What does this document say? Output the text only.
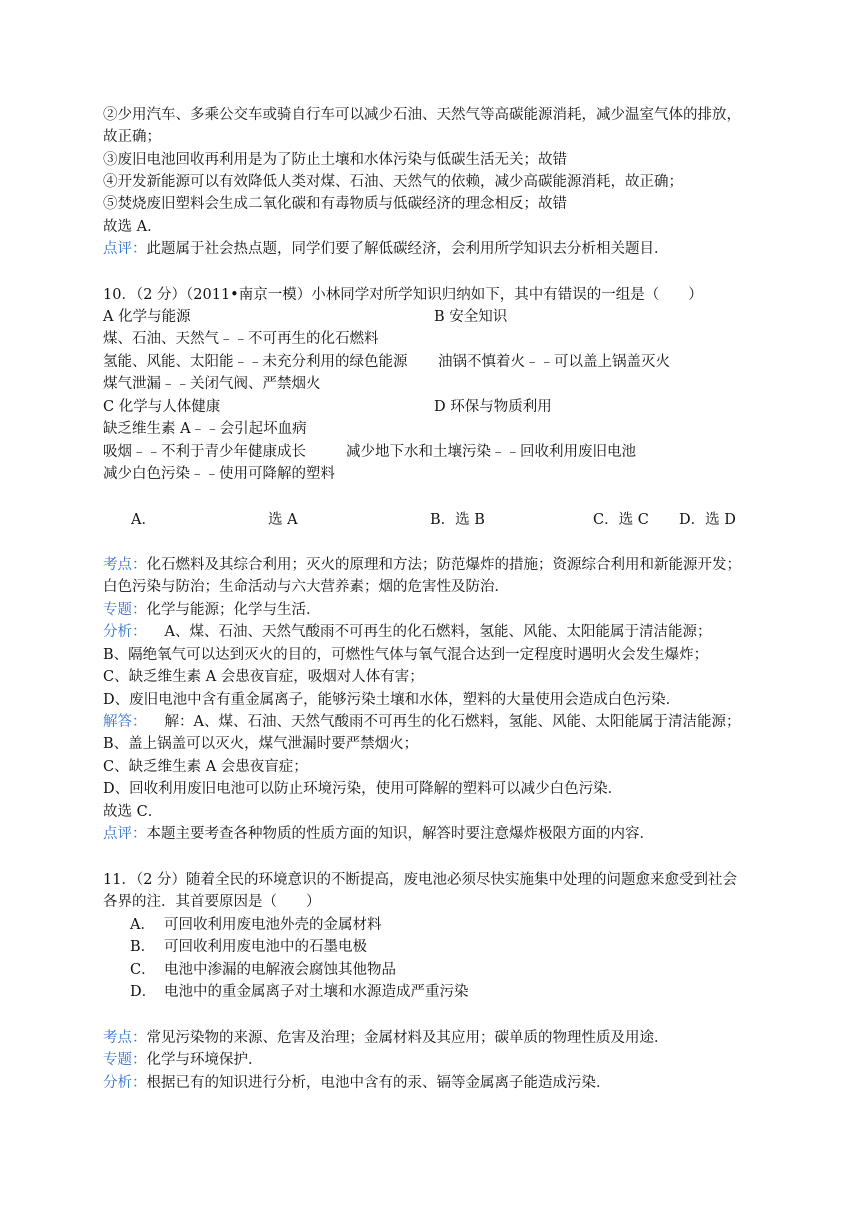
②少用汽车、多乘公交车或骑自行车可以减少石油、天然气等高碳能源消耗，减少温室气体的排放，
故正确；
③废旧电池回收再利用是为了防止土壤和水体污染与低碳生活无关；故错
④开发新能源可以有效降低人类对煤、石油、天然气的依赖，减少高碳能源消耗，故正确；
⑤焚烧废旧塑料会生成二氧化碳和有毒物质与低碳经济的理念相反；故错
故选 A．
点评：此题属于社会热点题，同学们要了解低碳经济，会利用所学知识去分析相关题目．
10．（2 分）（2011•南京一模）小林同学对所学知识归纳如下，其中有错误的一组是（　　）
A 化学与能源	B 安全知识
煤、石油、天然气﹣﹣不可再生的化石燃料
氢能、风能、太阳能﹣﹣未充分利用的绿色能源 油锅不慎着火﹣﹣可以盖上锅盖灭火
煤气泄漏﹣﹣关闭气阀、严禁烟火
C 化学与人体健康	D 环保与物质利用
缺乏维生素 A﹣﹣会引起坏血病
吸烟﹣﹣不利于青少年健康成长	减少地下水和土壤污染﹣﹣回收利用废旧电池
减少白色污染﹣﹣使用可降解的塑料
A．	选 A	B．选 B	C．选 C D．选 D
考点：化石燃料及其综合利用；灭火的原理和方法；防范爆炸的措施；资源综合利用和新能源开发；
白色污染与防治；生命活动与六大营养素；烟的危害性及防治．
专题：化学与能源；化学与生活．
分析： A、煤、石油、天然气酸雨不可再生的化石燃料，氢能、风能、太阳能属于清洁能源；
B、隔绝氧气可以达到灭火的目的，可燃性气体与氧气混合达到一定程度时遇明火会发生爆炸；
C、缺乏维生素 A 会患夜盲症，吸烟对人体有害；
D、废旧电池中含有重金属离子，能够污染土壤和水体，塑料的大量使用会造成白色污染．
解答： 解：A、煤、石油、天然气酸雨不可再生的化石燃料，氢能、风能、太阳能属于清洁能源；
B、盖上锅盖可以灭火，煤气泄漏时要严禁烟火；
C、缺乏维生素 A 会患夜盲症；
D、回收利用废旧电池可以防止环境污染，使用可降解的塑料可以减少白色污染．
故选 C．
点评：本题主要考查各种物质的性质方面的知识，解答时要注意爆炸极限方面的内容．
11．（2 分）随着全民的环境意识的不断提高，废电池必须尽快实施集中处理的问题愈来愈受到社会
各界的注．其首要原因是（　　）
A． 可回收利用废电池外壳的金属材料
B． 可回收利用废电池中的石墨电极
C． 电池中渗漏的电解液会腐蚀其他物品
D． 电池中的重金属离子对土壤和水源造成严重污染
考点：常见污染物的来源、危害及治理；金属材料及其应用；碳单质的物理性质及用途．
专题：化学与环境保护．
分析：根据已有的知识进行分析，电池中含有的汞、镉等金属离子能造成污染．
